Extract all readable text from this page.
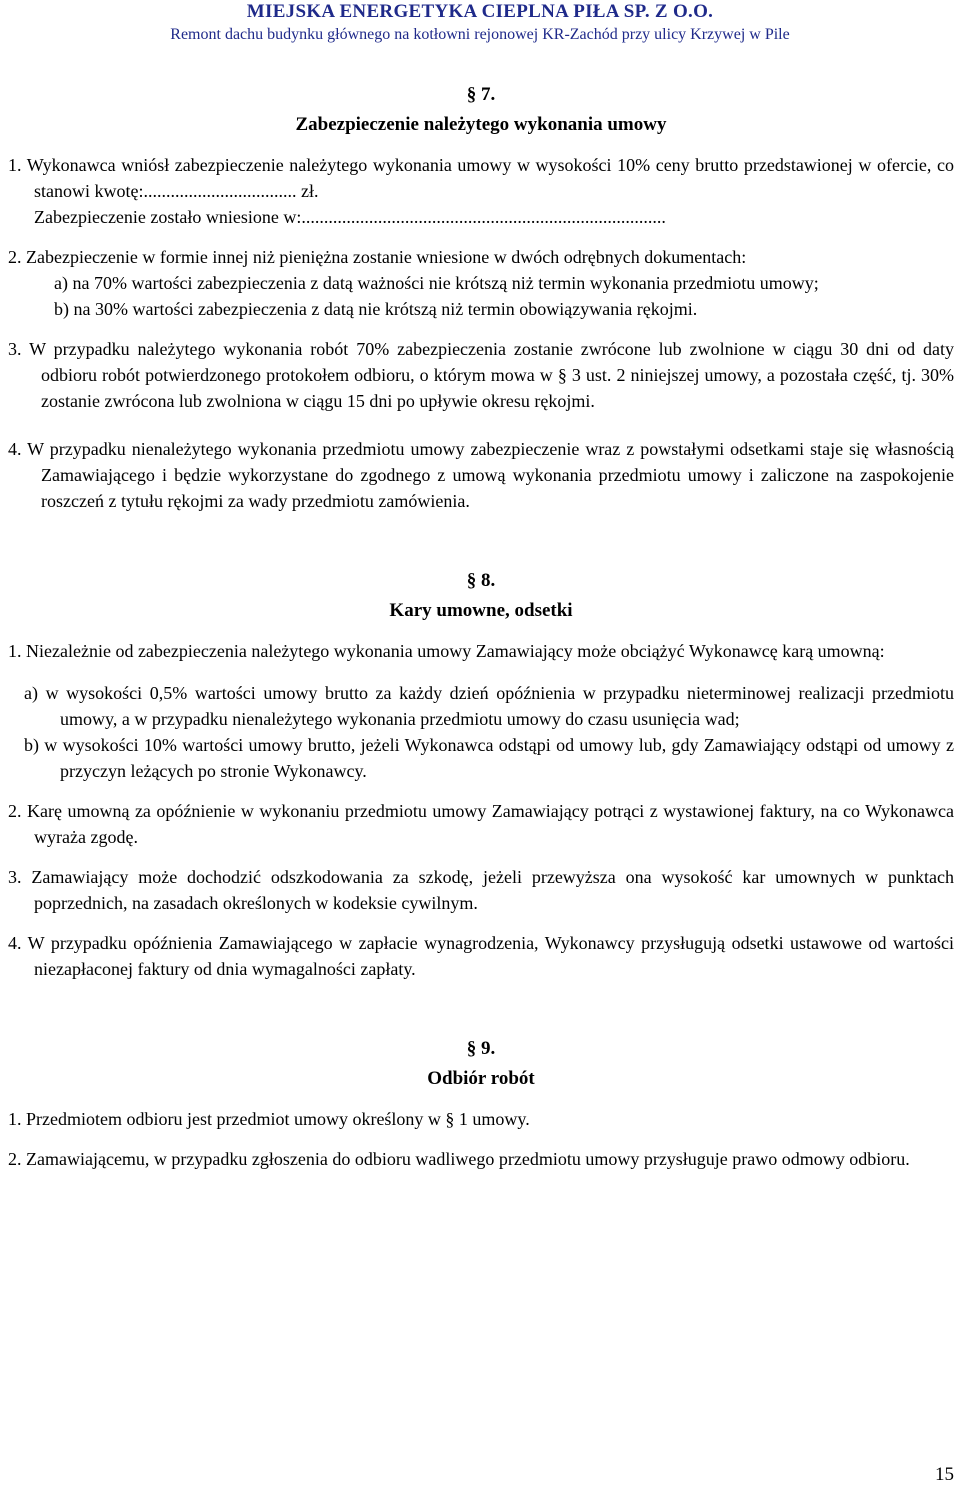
MIEJSKA ENERGETYKA CIEPLNA PIŁA SP. Z O.O.
Remont dachu budynku głównego na kotłowni rejonowej KR-Zachód przy ulicy Krzywej w Pile
§ 7.
Zabezpieczenie należytego wykonania umowy

1. Wykonawca wniósł zabezpieczenie należytego wykonania umowy w wysokości 10% ceny brutto przedstawionej w ofercie, co stanowi kwotę:.................................. zł.

Zabezpieczenie zostało wniesione w:.................................................................................

2. Zabezpieczenie w formie innej niż pieniężna zostanie wniesione w dwóch odrębnych dokumentach:

a) na 70% wartości zabezpieczenia z datą ważności nie krótszą niż termin wykonania przedmiotu umowy;

b) na 30% wartości zabezpieczenia z datą nie krótszą niż termin obowiązywania rękojmi.

3. W przypadku należytego wykonania robót 70% zabezpieczenia zostanie zwrócone lub zwolnione w ciągu 30 dni od daty odbioru robót potwierdzonego protokołem odbioru, o którym mowa w § 3 ust. 2 niniejszej umowy, a pozostała część, tj. 30% zostanie zwrócona lub zwolniona w ciągu 15 dni po upływie okresu rękojmi.

4. W przypadku nienależytego wykonania przedmiotu umowy zabezpieczenie wraz z powstałymi odsetkami staje się własnością Zamawiającego i będzie wykorzystane do zgodnego z umową wykonania przedmiotu umowy i zaliczone na zaspokojenie roszczeń z tytułu rękojmi za wady przedmiotu zamówienia.

§ 8.
Kary umowne, odsetki

1. Niezależnie od zabezpieczenia należytego wykonania umowy Zamawiający może obciążyć Wykonawcę karą umowną:

a) w wysokości 0,5% wartości umowy brutto za każdy dzień opóźnienia w przypadku nieterminowej realizacji przedmiotu umowy, a w przypadku nienależytego wykonania przedmiotu umowy do czasu usunięcia wad;

b) w wysokości 10% wartości umowy brutto, jeżeli Wykonawca odstąpi od umowy lub, gdy Zamawiający odstąpi od umowy z przyczyn leżących po stronie Wykonawcy.

2. Karę umowną za opóźnienie w wykonaniu przedmiotu umowy Zamawiający potrąci z wystawionej faktury, na co Wykonawca wyraża zgodę.

3. Zamawiający może dochodzić odszkodowania za szkodę, jeżeli przewyższa ona wysokość kar umownych w punktach poprzednich, na zasadach określonych w kodeksie cywilnym.

4. W przypadku opóźnienia Zamawiającego w zapłacie wynagrodzenia, Wykonawcy przysługują odsetki ustawowe od wartości niezapłaconej faktury od dnia wymagalności zapłaty.

§ 9.
Odbiór robót

1. Przedmiotem odbioru jest przedmiot umowy określony w § 1 umowy.

2. Zamawiającemu, w przypadku zgłoszenia do odbioru wadliwego przedmiotu umowy przysługuje prawo odmowy odbioru.

15
